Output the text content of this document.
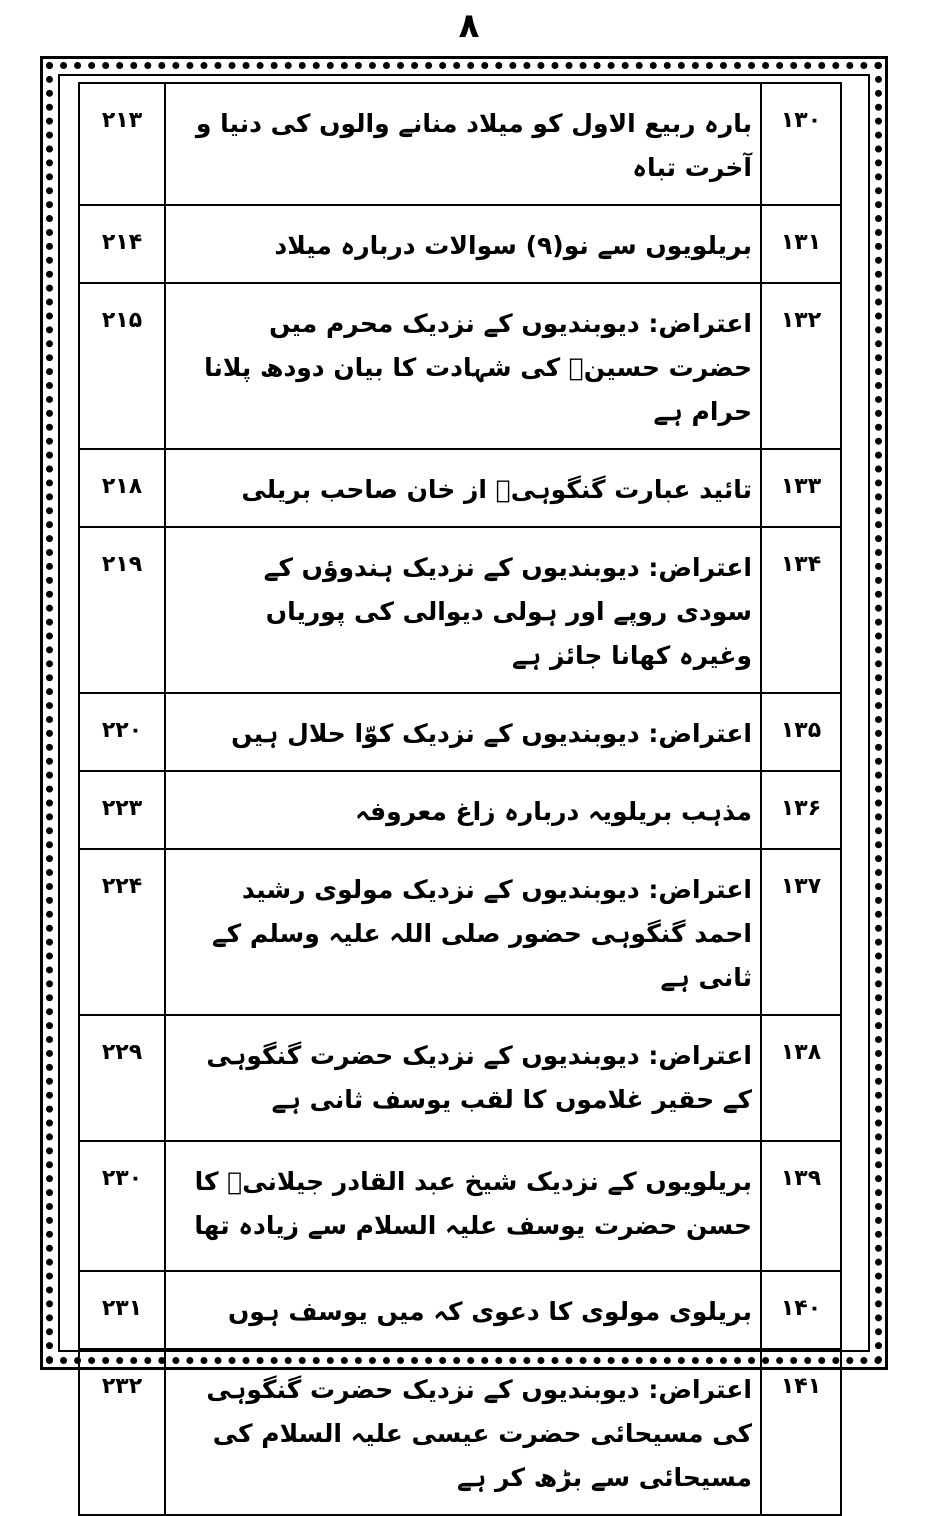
۸
۱۳۰	بارہ ربیع الاول کو میلاد منانے والوں کی دنیا و آخرت تباہ	۲۱۳
۱۳۱	بریلویوں سے نو(۹) سوالات دربارہ میلاد	۲۱۴
۱۳۲	اعتراض: دیوبندیوں کے نزدیک محرم میں حضرت حسینؓ کی شہادت کا بیان دودھ پلانا حرام ہے	۲۱۵
۱۳۳	تائید عبارت گنگوہیؒ از خان صاحب بریلی	۲۱۸
۱۳۴	اعتراض: دیوبندیوں کے نزدیک ہندوؤں کے سودی روپے اور ہولی دیوالی کی پوریاں وغیرہ کھانا جائز ہے	۲۱۹
۱۳۵	اعتراض: دیوبندیوں کے نزدیک کوّا حلال ہیں	۲۲۰
۱۳۶	مذہب بریلویہ دربارہ زاغ معروفہ	۲۲۳
۱۳۷	اعتراض: دیوبندیوں کے نزدیک مولوی رشید احمد گنگوہی حضور صلی اللہ علیہ وسلم کے ثانی ہے	۲۲۴
۱۳۸	اعتراض: دیوبندیوں کے نزدیک حضرت گنگوہی کے حقیر غلاموں کا لقب یوسف ثانی ہے	۲۲۹
۱۳۹	بریلویوں کے نزدیک شیخ عبد القادر جیلانیؒ کا حسن حضرت یوسف علیہ السلام سے زیادہ تھا	۲۳۰
۱۴۰	بریلوی مولوی کا دعوی کہ میں یوسف ہوں	۲۳۱
۱۴۱	اعتراض: دیوبندیوں کے نزدیک حضرت گنگوہی کی مسیحائی حضرت عیسی علیہ السلام کی مسیحائی سے بڑھ کر ہے	۲۳۲
